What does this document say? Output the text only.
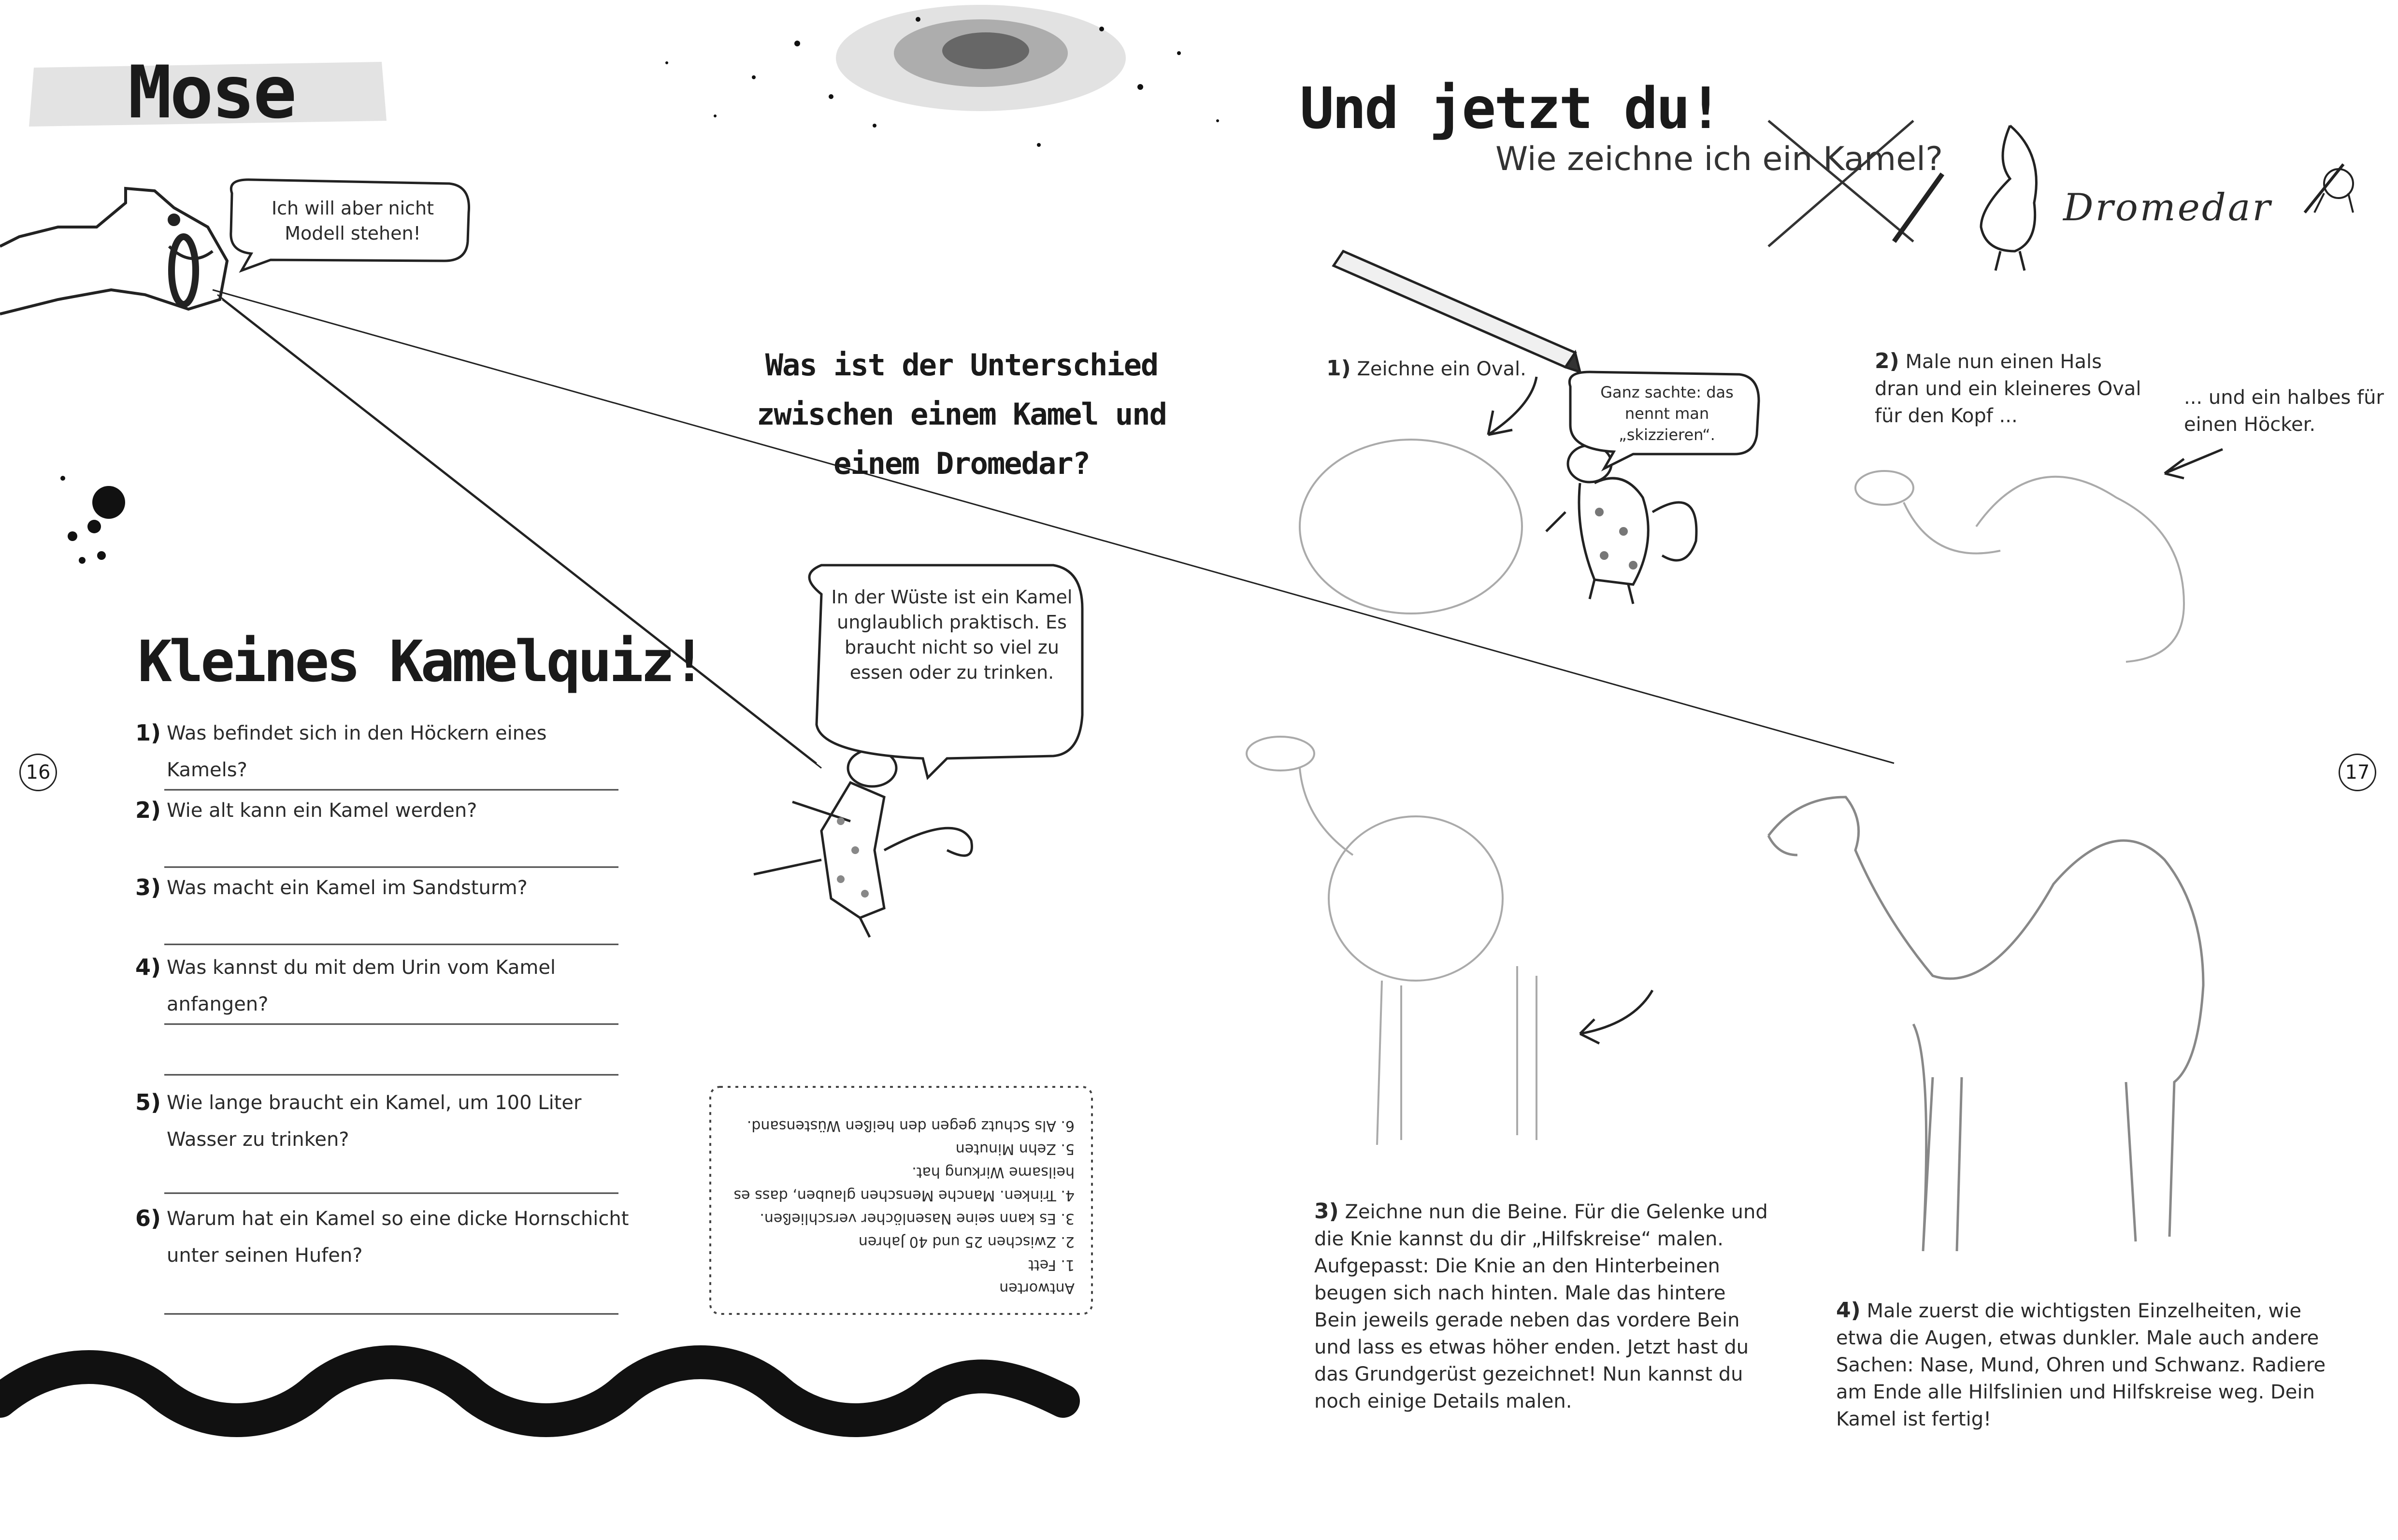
Mose
Ich will aber nicht Modell stehen!
Was ist der Unterschied zwischen einem Kamel und einem Dromedar?
In der Wüste ist ein Kamel unglaublich praktisch. Es braucht nicht so viel zu essen oder zu trinken.
Kleines Kamelquiz!
1) Was befindet sich in den Höckern eines Kamels?
2) Wie alt kann ein Kamel werden?
3) Was macht ein Kamel im Sandsturm?
4) Was kannst du mit dem Urin vom Kamel anfangen?
5) Wie lange braucht ein Kamel, um 100 Liter Wasser zu trinken?
6) Warum hat ein Kamel so eine dicke Hornschicht unter seinen Hufen?
Antworten
1. Fett
2. Zwischen 25 und 40 Jahren
3. Es kann seine Nasenlöcher verschließen.
4. Trinken. Manche Menschen glauben, dass es heilsame Wirkung hat.
5. Zehn Minuten
6. Als Schutz gegen den heißen Wüstensand.
16
Und jetzt du!
Wie zeichne ich ein Kamel?
Dromedar
Ganz sachte: das nennt man „skizzieren“.
1) Zeichne ein Oval.	2) Male nun einen Hals dran und ein kleineres Oval für den Kopf ...
... und ein halbes für einen Höcker.
3) Zeichne nun die Beine. Für die Gelenke und die Knie kannst du dir „Hilfskreise“ malen. Aufgepasst: Die Knie an den Hinterbeinen beugen sich nach hinten. Male das hintere Bein jeweils gerade neben das vordere Bein und lass es etwas höher enden. Jetzt hast du das Grundgerüst gezeichnet! Nun kannst du noch einige Details malen.
4) Male zuerst die wichtigsten Einzelheiten, wie etwa die Augen, etwas dunkler. Male auch andere Sachen: Nase, Mund, Ohren und Schwanz. Radiere am Ende alle Hilfslinien und Hilfskreise weg. Dein Kamel ist fertig!
17
